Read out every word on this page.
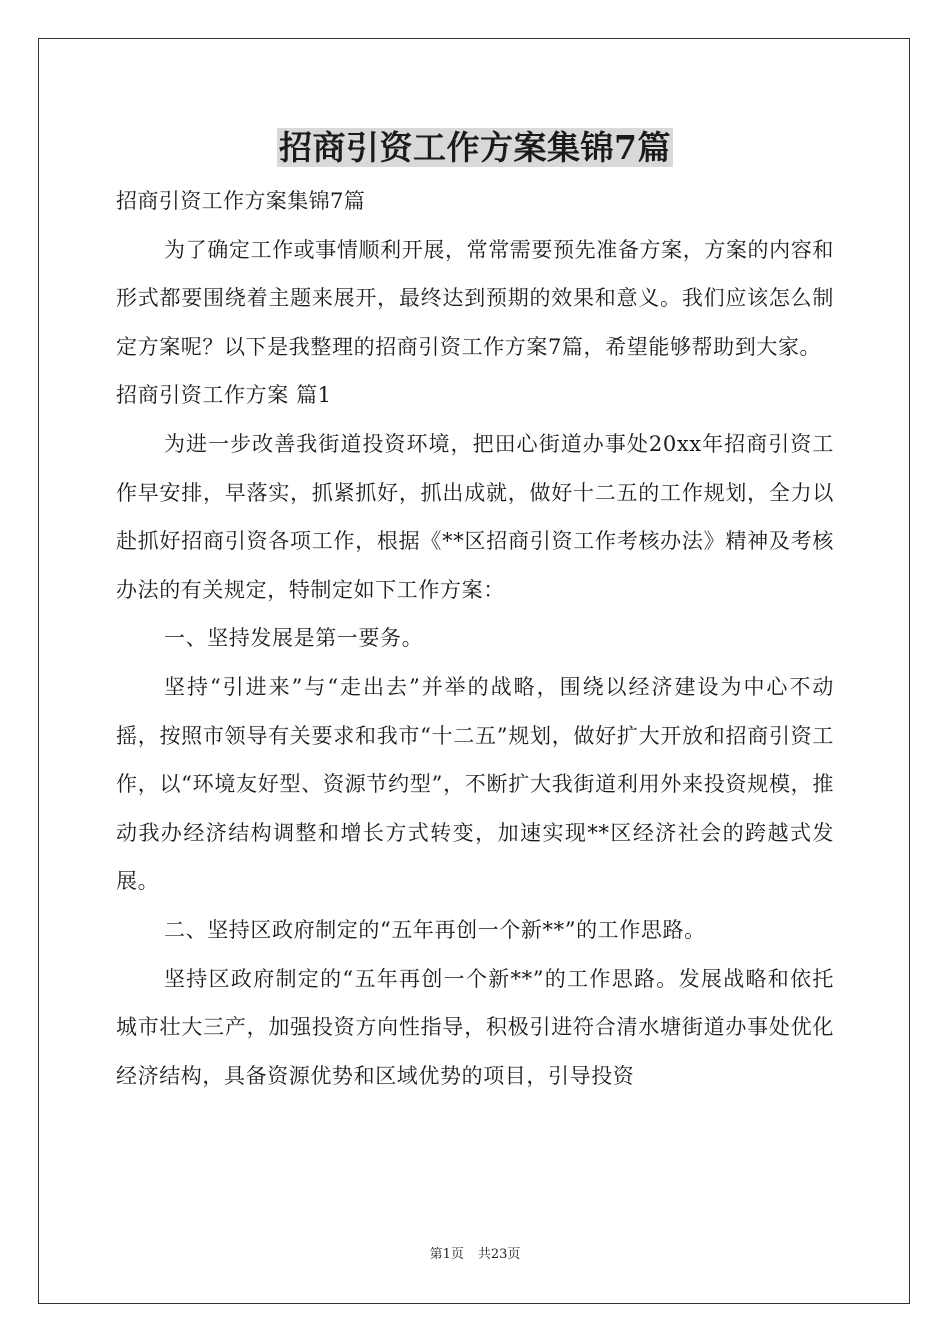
招商引资工作方案集锦7篇

招商引资工作方案集锦7篇

为了确定工作或事情顺利开展，常常需要预先准备方案，方案的内容和形式都要围绕着主题来展开，最终达到预期的效果和意义。我们应该怎么制定方案呢？以下是我整理的招商引资工作方案7篇，希望能够帮助到大家。

招商引资工作方案 篇1

为进一步改善我街道投资环境，把田心街道办事处20xx年招商引资工作早安排，早落实，抓紧抓好，抓出成就，做好十二五的工作规划，全力以赴抓好招商引资各项工作，根据《**区招商引资工作考核办法》精神及考核办法的有关规定，特制定如下工作方案：

一、坚持发展是第一要务。

坚持“引进来”与“走出去”并举的战略，围绕以经济建设为中心不动摇，按照市领导有关要求和我市“十二五”规划，做好扩大开放和招商引资工作，以“环境友好型、资源节约型”，不断扩大我街道利用外来投资规模，推动我办经济结构调整和增长方式转变，加速实现**区经济社会的跨越式发展。

二、坚持区政府制定的“五年再创一个新**”的工作思路。

坚持区政府制定的“五年再创一个新**”的工作思路。发展战略和依托城市壮大三产，加强投资方向性指导，积极引进符合清水塘街道办事处优化经济结构，具备资源优势和区域优势的项目，引导投资

第1页 共23页
